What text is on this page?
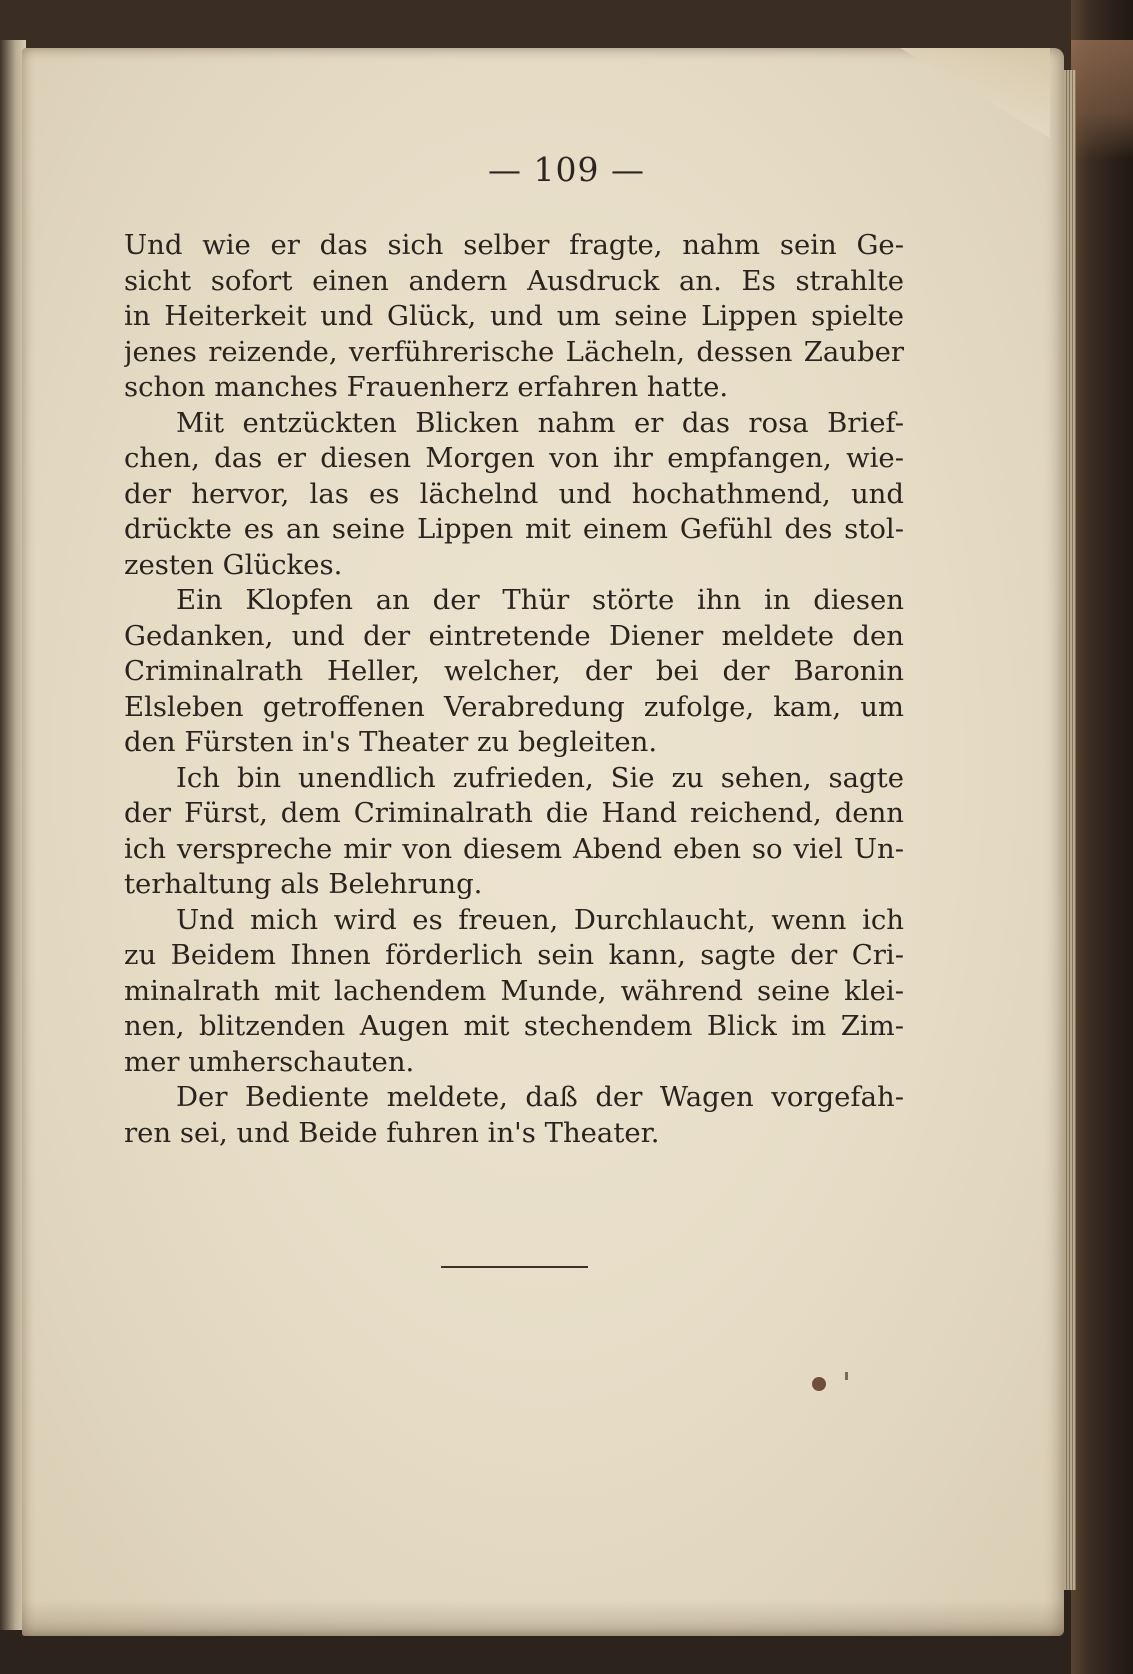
— 109 —

Und wie er das sich selber fragte, nahm sein Ge-
sicht sofort einen andern Ausdruck an. Es strahlte
in Heiterkeit und Glück, und um seine Lippen spielte
jenes reizende, verführerische Lächeln, dessen Zauber
schon manches Frauenherz erfahren hatte.
Mit entzückten Blicken nahm er das rosa Brief-
chen, das er diesen Morgen von ihr empfangen, wie-
der hervor, las es lächelnd und hochathmend, und
drückte es an seine Lippen mit einem Gefühl des stol-
zesten Glückes.
Ein Klopfen an der Thür störte ihn in diesen
Gedanken, und der eintretende Diener meldete den
Criminalrath Heller, welcher, der bei der Baronin
Elsleben getroffenen Verabredung zufolge, kam, um
den Fürsten in's Theater zu begleiten.
Ich bin unendlich zufrieden, Sie zu sehen, sagte
der Fürst, dem Criminalrath die Hand reichend, denn
ich verspreche mir von diesem Abend eben so viel Un-
terhaltung als Belehrung.
Und mich wird es freuen, Durchlaucht, wenn ich
zu Beidem Ihnen förderlich sein kann, sagte der Cri-
minalrath mit lachendem Munde, während seine klei-
nen, blitzenden Augen mit stechendem Blick im Zim-
mer umherschauten.
Der Bediente meldete, daß der Wagen vorgefah-
ren sei, und Beide fuhren in's Theater.
